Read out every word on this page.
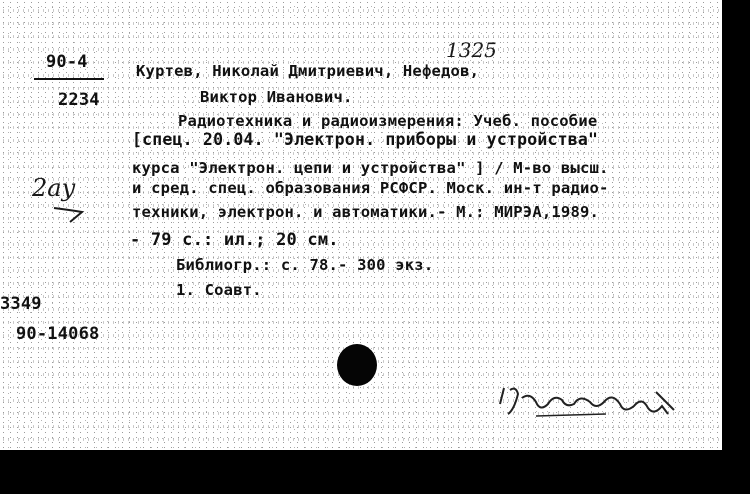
90-4
2234
1325
2ay
Куртев, Николай Дмитриевич, Нефедов,
Виктор Иванович.
Радиотехника и радиоизмерения: Учеб. пособие
[спец. 20.04. "Электрон. приборы и устройства"
курса "Электрон. цепи и устройства" ] / М-во высш.
и сред. спец. образования РСФСР. Моск. ин-т радио-
техники, электрон. и автоматики.- М.: МИРЭА,1989.
- 79 с.: ил.; 20 см.
Библиогр.: с. 78.- 300 экз.
1. Соавт.
3349
90-14068
